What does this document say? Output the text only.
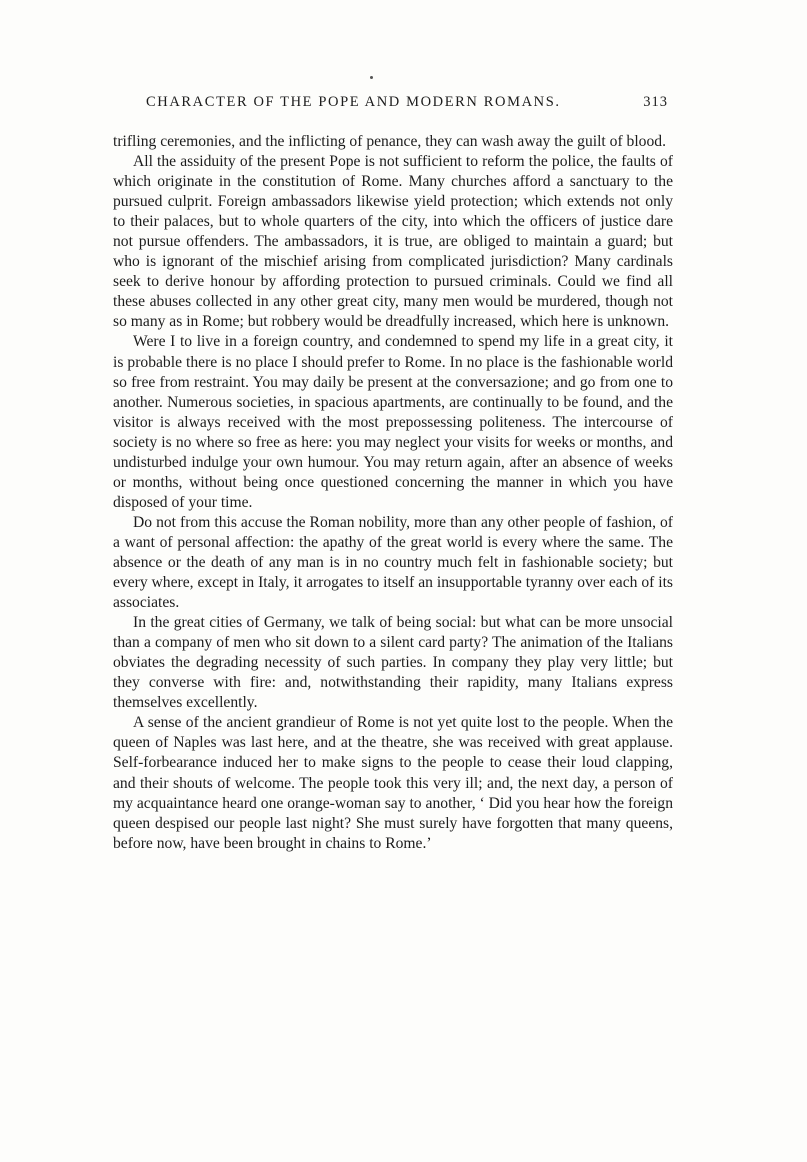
CHARACTER OF THE POPE AND MODERN ROMANS.	313

trifling ceremonies, and the inflicting of penance, they can wash away the guilt of blood.

All the assiduity of the present Pope is not sufficient to reform the police, the faults of which originate in the constitution of Rome. Many churches afford a sanctuary to the pursued culprit. Foreign ambassadors likewise yield protection; which extends not only to their palaces, but to whole quarters of the city, into which the officers of justice dare not pursue offenders. The ambassadors, it is true, are obliged to maintain a guard; but who is ignorant of the mischief arising from complicated jurisdiction? Many cardinals seek to derive honour by affording protection to pursued criminals. Could we find all these abuses collected in any other great city, many men would be murdered, though not so many as in Rome; but robbery would be dreadfully increased, which here is unknown.

Were I to live in a foreign country, and condemned to spend my life in a great city, it is probable there is no place I should prefer to Rome. In no place is the fashionable world so free from restraint. You may daily be present at the conversazione; and go from one to another. Numerous societies, in spacious apartments, are continually to be found, and the visitor is always received with the most prepossessing politeness. The intercourse of society is no where so free as here: you may neglect your visits for weeks or months, and undisturbed indulge your own humour. You may return again, after an absence of weeks or months, without being once questioned concerning the manner in which you have disposed of your time.

Do not from this accuse the Roman nobility, more than any other people of fashion, of a want of personal affection: the apathy of the great world is every where the same. The absence or the death of any man is in no country much felt in fashionable society; but every where, except in Italy, it arrogates to itself an insupportable tyranny over each of its associates.

In the great cities of Germany, we talk of being social: but what can be more unsocial than a company of men who sit down to a silent card party? The animation of the Italians obviates the degrading necessity of such parties. In company they play very little; but they converse with fire: and, notwithstanding their rapidity, many Italians express themselves excellently.

A sense of the ancient grandieur of Rome is not yet quite lost to the people. When the queen of Naples was last here, and at the theatre, she was received with great applause. Self-forbearance induced her to make signs to the people to cease their loud clapping, and their shouts of welcome. The people took this very ill; and, the next day, a person of my acquaintance heard one orange-woman say to another, ‘ Did you hear how the foreign queen despised our people last night? She must surely have forgotten that many queens, before now, have been brought in chains to Rome.’
